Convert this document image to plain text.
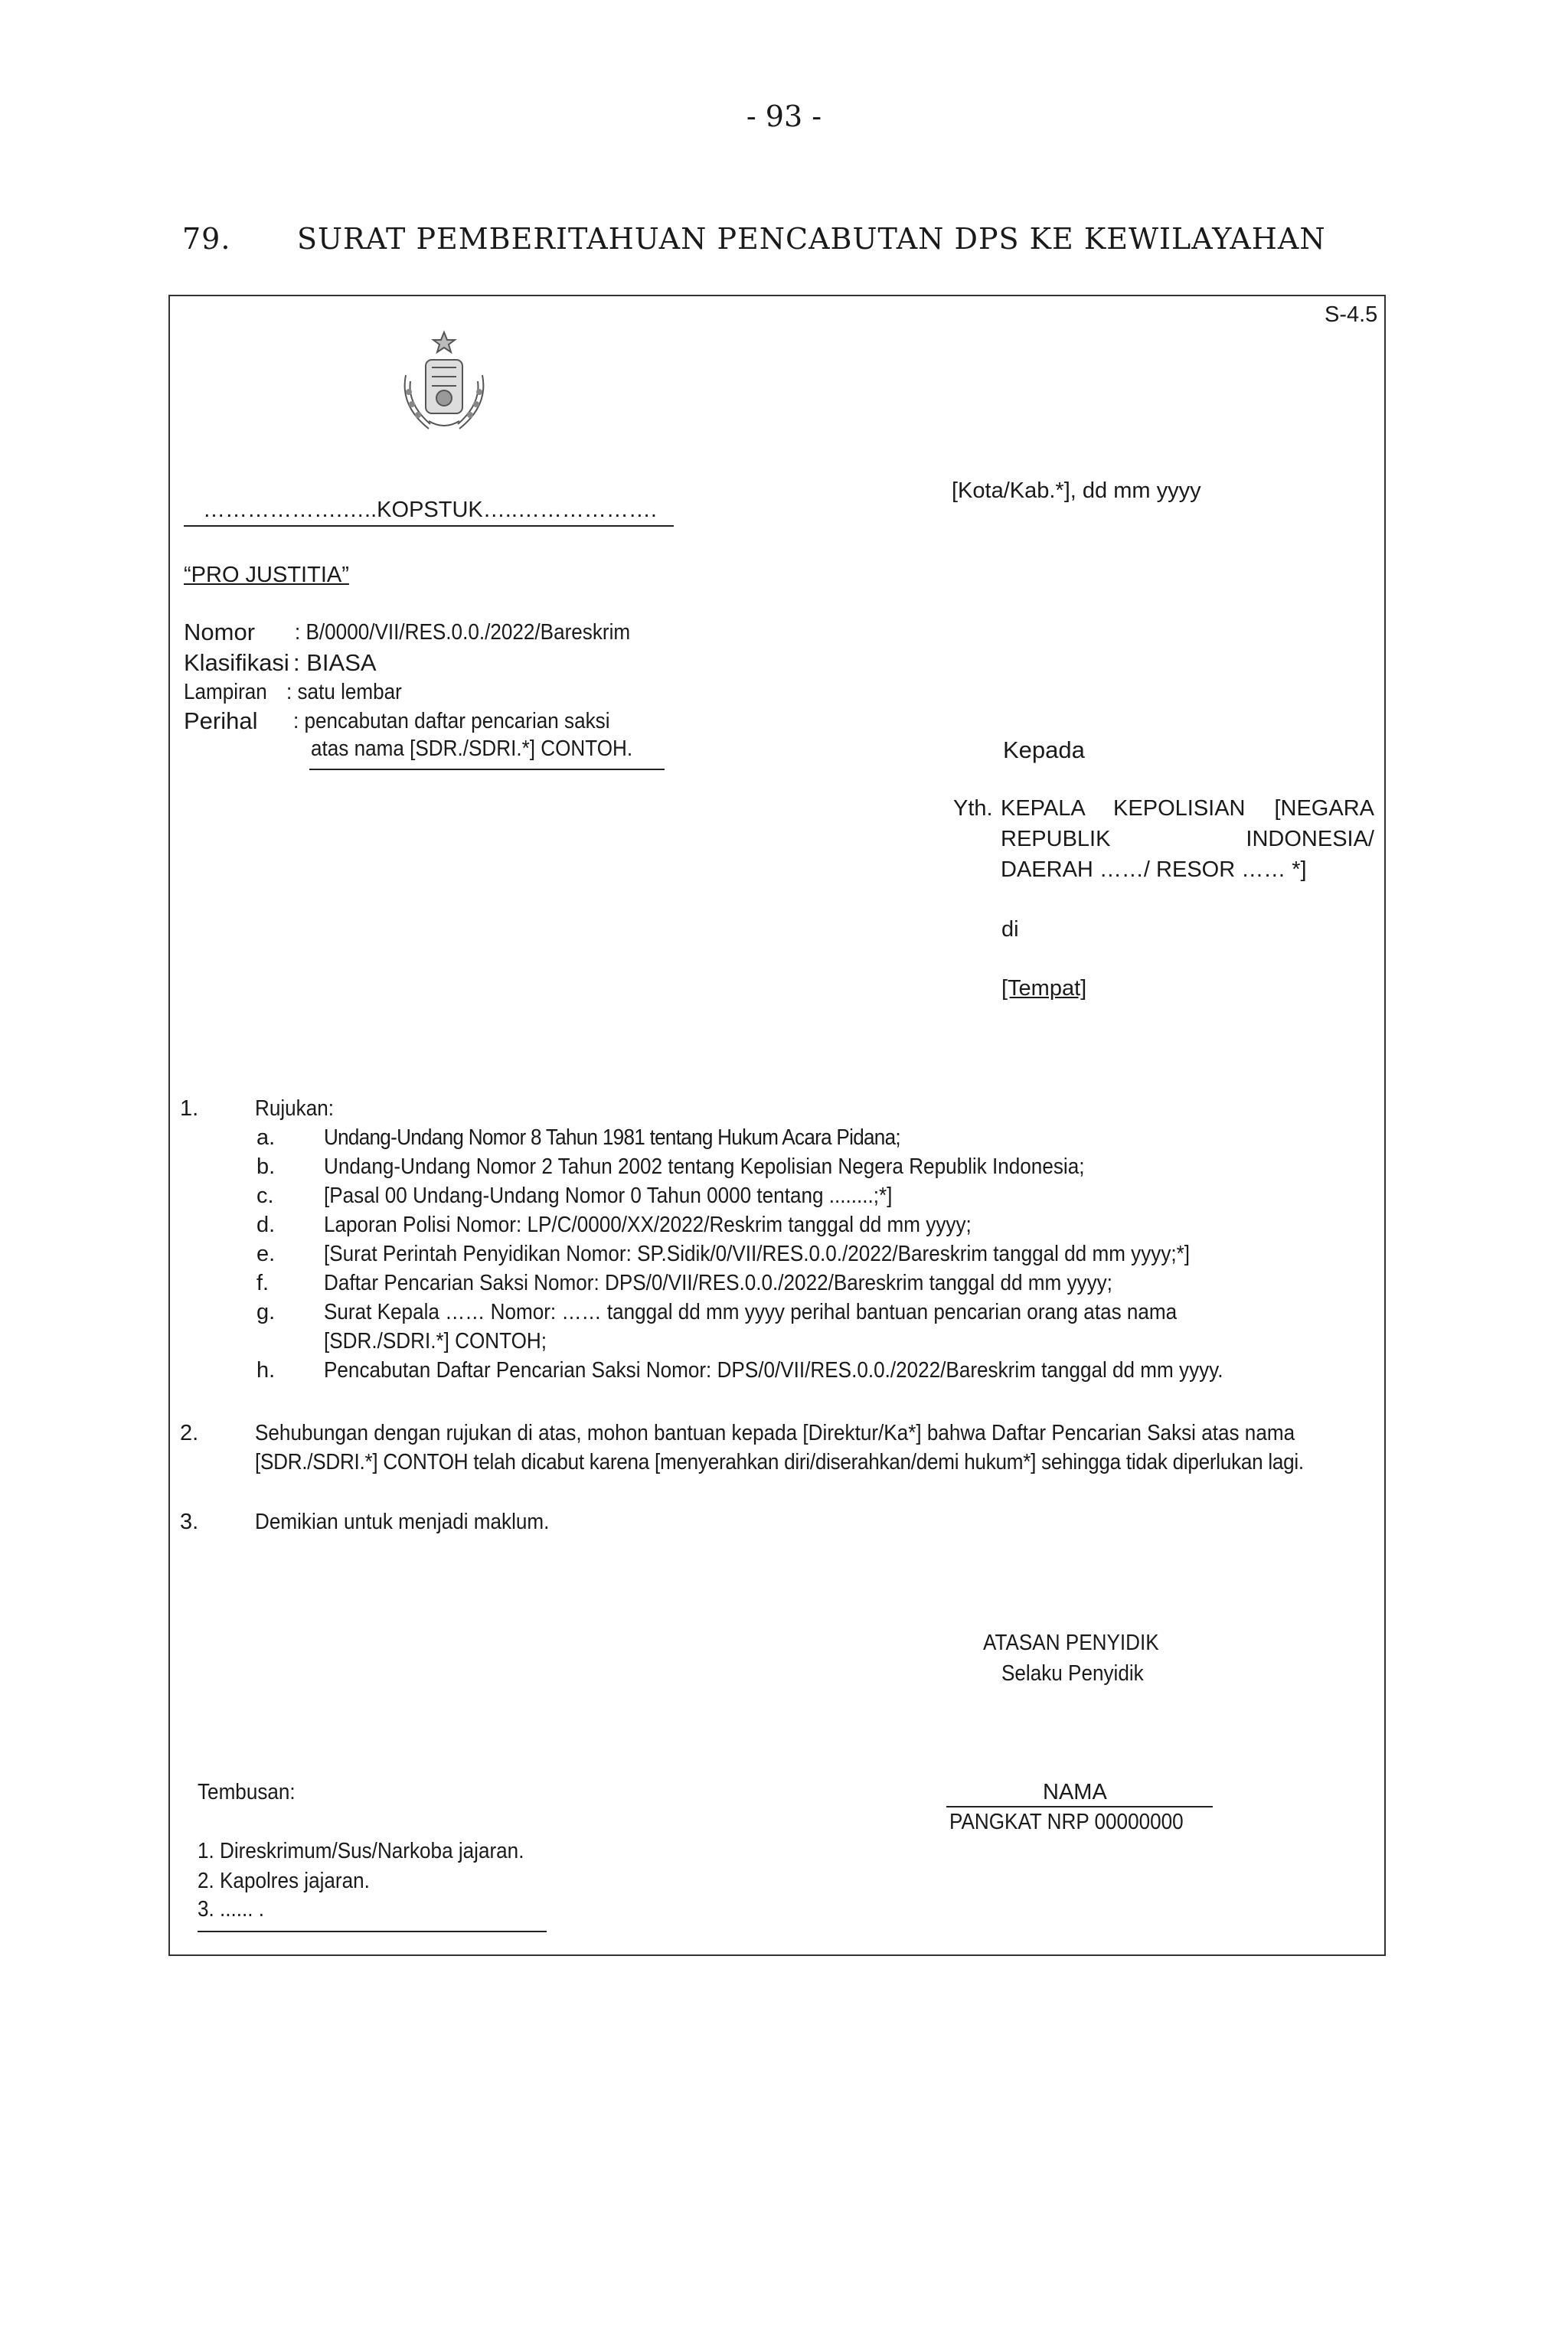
- 93 -
79. SURAT PEMBERITAHUAN PENCABUTAN DPS KE KEWILAYAHAN
S-4.5
……………….…..KOPSTUK…..……………….
[Kota/Kab.*], dd mm yyyy
“PRO JUSTITIA”
Nomor : B/0000/VII/RES.0.0./2022/Bareskrim
Klasifikasi : BIASA
Lampiran : satu lembar
Perihal : pencabutan daftar pencarian saksi
atas nama [SDR./SDRI.*] CONTOH.	Kepada
Yth. KEPALA KEPOLISIAN [NEGARA REPUBLIK INDONESIA/
DAERAH ……/ RESOR …… *]
di
[Tempat]
1.	Rujukan:
a. Undang-Undang Nomor 8 Tahun 1981 tentang Hukum Acara Pidana;
b. Undang-Undang Nomor 2 Tahun 2002 tentang Kepolisian Negera Republik Indonesia;
c. [Pasal 00 Undang-Undang Nomor 0 Tahun 0000 tentang ........;*]
d. Laporan Polisi Nomor: LP/C/0000/XX/2022/Reskrim tanggal dd mm yyyy;
e. [Surat Perintah Penyidikan Nomor: SP.Sidik/0/VII/RES.0.0./2022/Bareskrim tanggal dd mm yyyy;*]
f. Daftar Pencarian Saksi Nomor: DPS/0/VII/RES.0.0./2022/Bareskrim tanggal dd mm yyyy;
g. Surat Kepala …… Nomor: …… tanggal dd mm yyyy perihal bantuan pencarian orang atas nama
[SDR./SDRI.*] CONTOH;
h. Pencabutan Daftar Pencarian Saksi Nomor: DPS/0/VII/RES.0.0./2022/Bareskrim tanggal dd mm yyyy.
2.	Sehubungan dengan rujukan di atas, mohon bantuan kepada [Direktur/Ka*] bahwa Daftar Pencarian Saksi atas nama
[SDR./SDRI.*] CONTOH telah dicabut karena [menyerahkan diri/diserahkan/demi hukum*] sehingga tidak diperlukan lagi.
3.	Demikian untuk menjadi maklum.
ATASAN PENYIDIK
Selaku Penyidik
NAMA
PANGKAT NRP 00000000
Tembusan:
1. Direskrimum/Sus/Narkoba jajaran.
2. Kapolres jajaran.
3. ...... .
